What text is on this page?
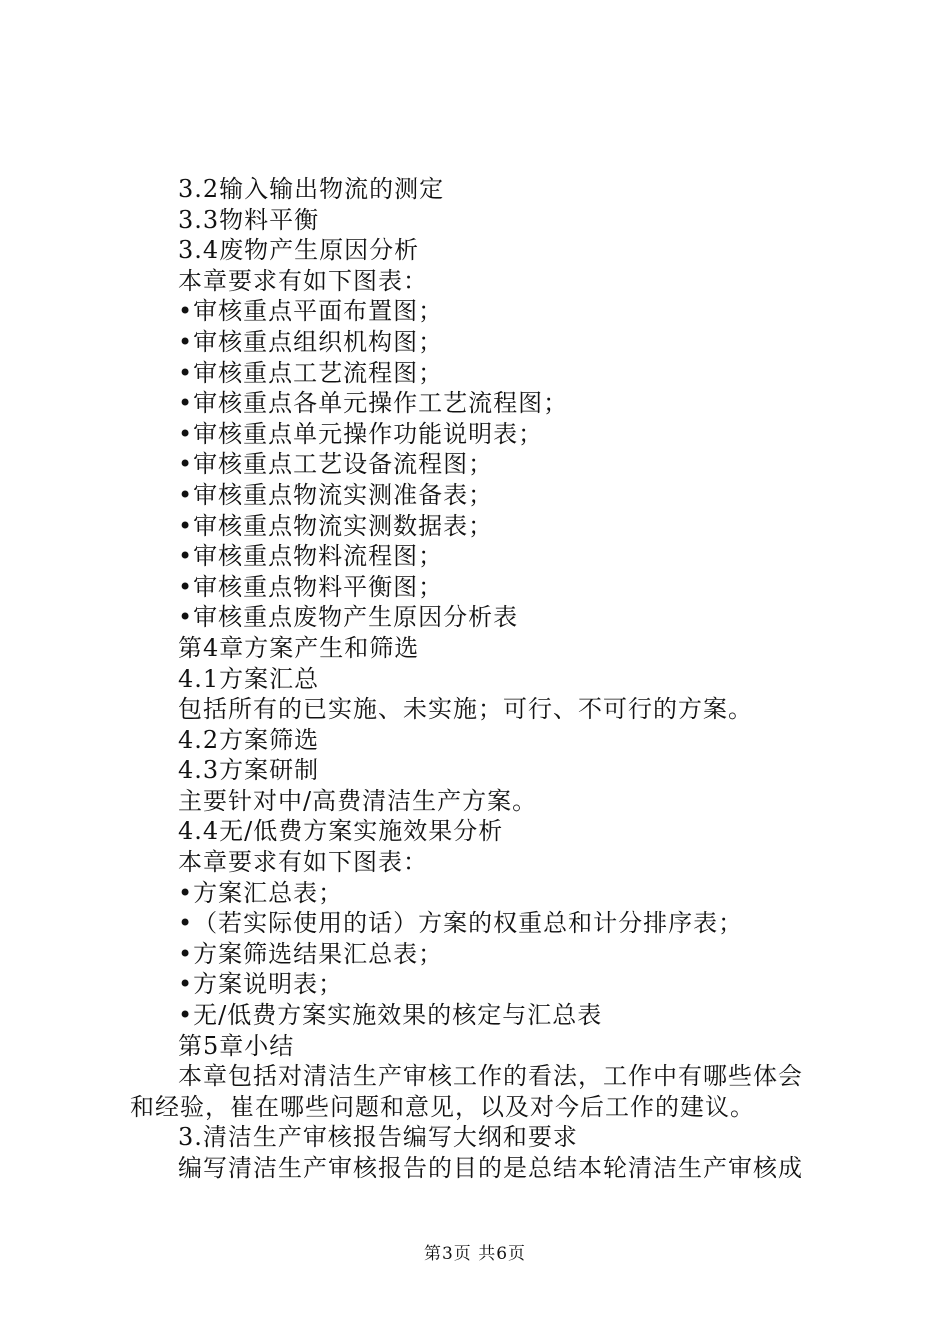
3.2输入输出物流的测定
3.3物料平衡
3.4废物产生原因分析
本章要求有如下图表：
•审核重点平面布置图；
•审核重点组织机构图；
•审核重点工艺流程图；
•审核重点各单元操作工艺流程图；
•审核重点单元操作功能说明表；
•审核重点工艺设备流程图；
•审核重点物流实测准备表；
•审核重点物流实测数据表；
•审核重点物料流程图；
•审核重点物料平衡图；
•审核重点废物产生原因分析表
第4章方案产生和筛选
4.1方案汇总
包括所有的已实施、未实施；可行、不可行的方案。
4.2方案筛选
4.3方案研制
主要针对中/高费清洁生产方案。
4.4无/低费方案实施效果分析
本章要求有如下图表：
•方案汇总表；
•（若实际使用的话）方案的权重总和计分排序表；
•方案筛选结果汇总表；
•方案说明表；
•无/低费方案实施效果的核定与汇总表
第5章小结
本章包括对清洁生产审核工作的看法，工作中有哪些体会
和经验，崔在哪些问题和意见，以及对今后工作的建议。
3.清洁生产审核报告编写大纲和要求
编写清洁生产审核报告的目的是总结本轮清洁生产审核成
第3页 共6页
